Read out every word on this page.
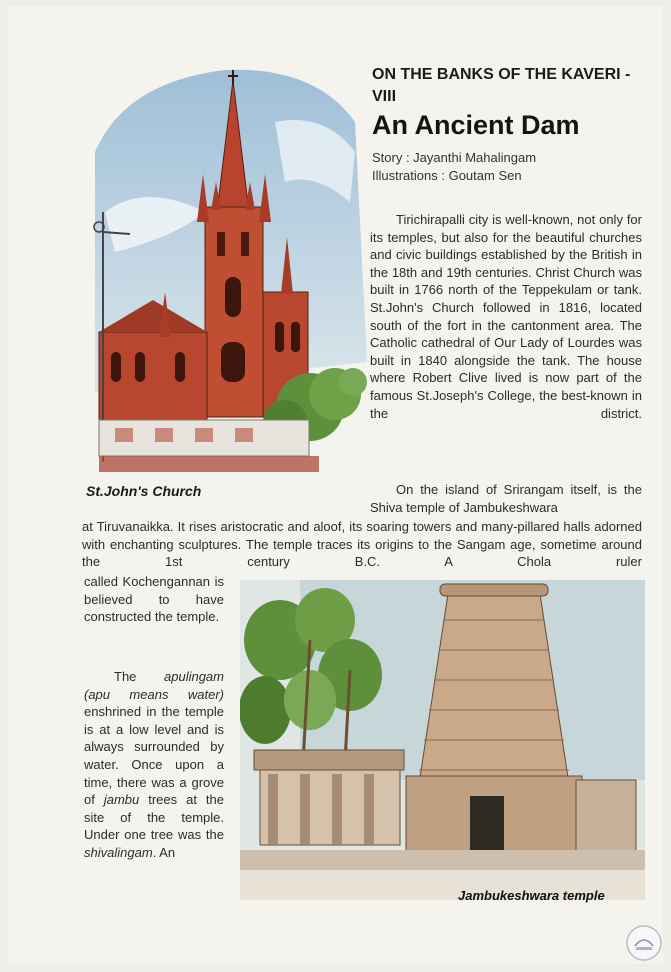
St.John's Church
ON THE BANKS OF THE KAVERI - VIII
An Ancient Dam
Story : Jayanthi Mahalingam
Illustrations : Goutam Sen

Tirichirapalli city is well-known, not only for its temples, but also for the beautiful churches and civic buildings established by the British in the 18th and 19th centuries. Christ Church was built in 1766 north of the Teppekulam or tank. St.John's Church followed in 1816, located south of the fort in the cantonment area. The Catholic cathedral of Our Lady of Lourdes was built in 1840 alongside the tank. The house where Robert Clive lived is now part of the famous St.Joseph's College, the best-known in the district.

On the island of Srirangam itself, is the Shiva temple of Jambukeshwara

at Tiruvanaikka. It rises aristocratic and aloof, its soaring towers and many-pillared halls adorned with enchanting sculptures. The temple traces its origins to the Sangam age, sometime around the 1st century B.C. A Chola ruler

called Kochengannan is believed to have constructed the temple.

The apulingam (apu means water) enshrined in the temple is at a low level and is always surrounded by water. Once upon a time, there was a grove of jambu trees at the site of the temple. Under one tree was the shivalingam. An

Jambukeshwara temple
